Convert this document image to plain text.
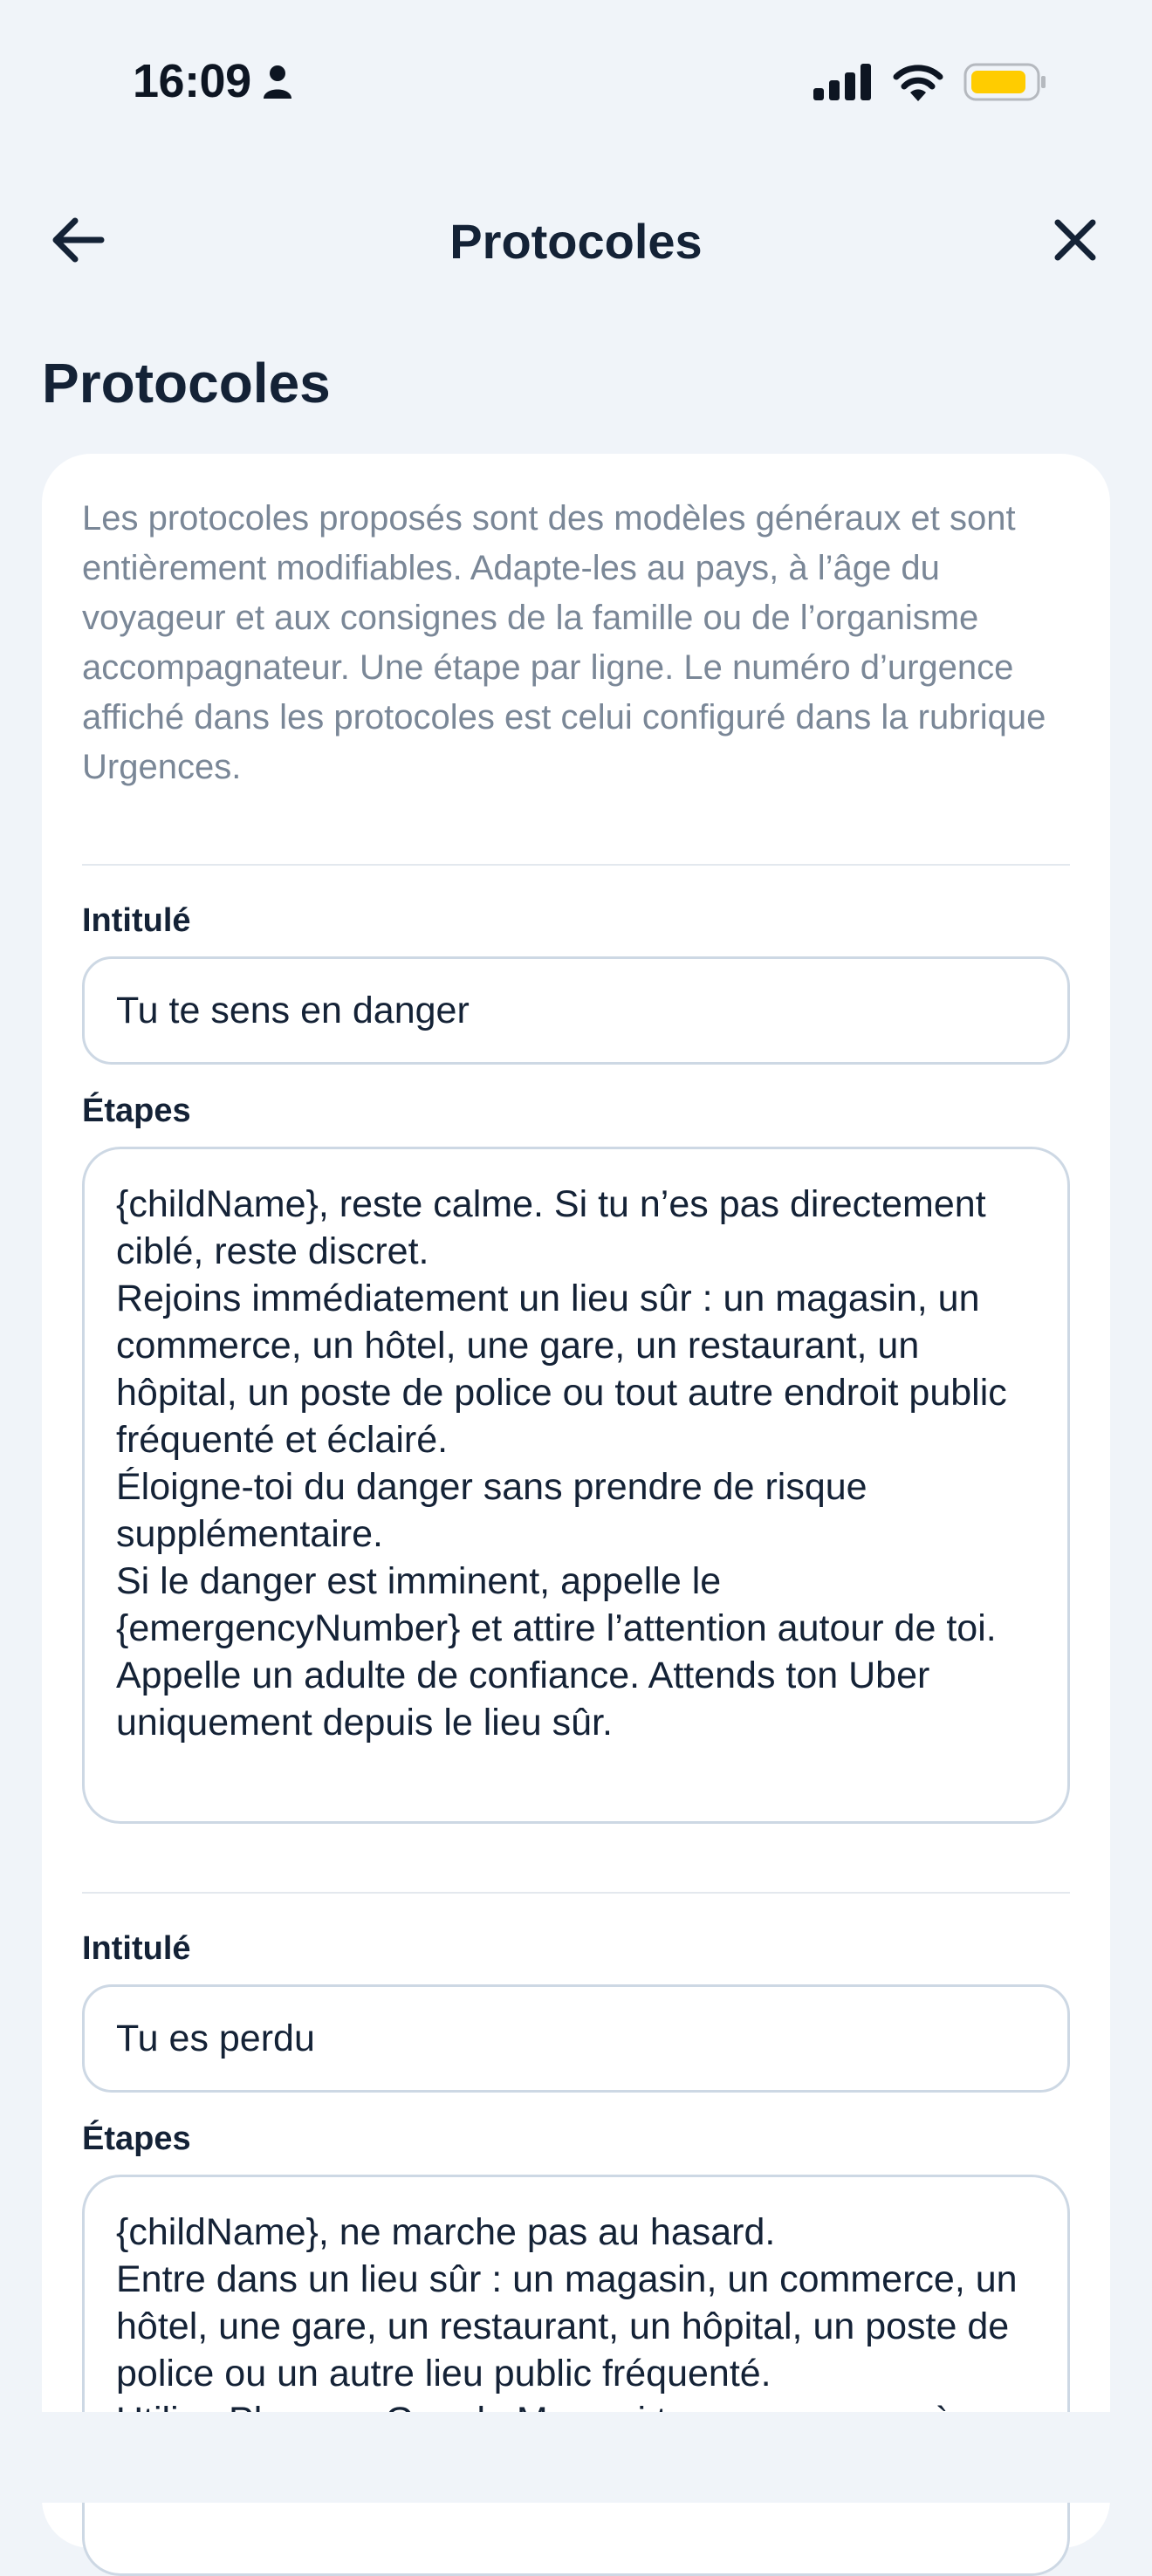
16:09
Protocoles
Protocoles
Les protocoles proposés sont des modèles généraux et sont entièrement modifiables. Adapte-les au pays, à l’âge du voyageur et aux consignes de la famille ou de l’organisme accompagnateur. Une étape par ligne. Le numéro d’urgence affiché dans les protocoles est celui configuré dans la rubrique Urgences.
Intitulé
Tu te sens en danger
Étapes
{childName}, reste calme. Si tu n’es pas directement ciblé, reste discret.
Rejoins immédiatement un lieu sûr : un magasin, un commerce, un hôtel, une gare, un restaurant, un hôpital, un poste de police ou tout autre endroit public fréquenté et éclairé.
Éloigne-toi du danger sans prendre de risque supplémentaire.
Si le danger est imminent, appelle le {emergencyNumber} et attire l’attention autour de toi.
Appelle un adulte de confiance. Attends ton Uber uniquement depuis le lieu sûr.
Intitulé
Tu es perdu
Étapes
{childName}, ne marche pas au hasard.
Entre dans un lieu sûr : un magasin, un commerce, un hôtel, une gare, un restaurant, un hôpital, un poste de police ou un autre lieu public fréquenté.
